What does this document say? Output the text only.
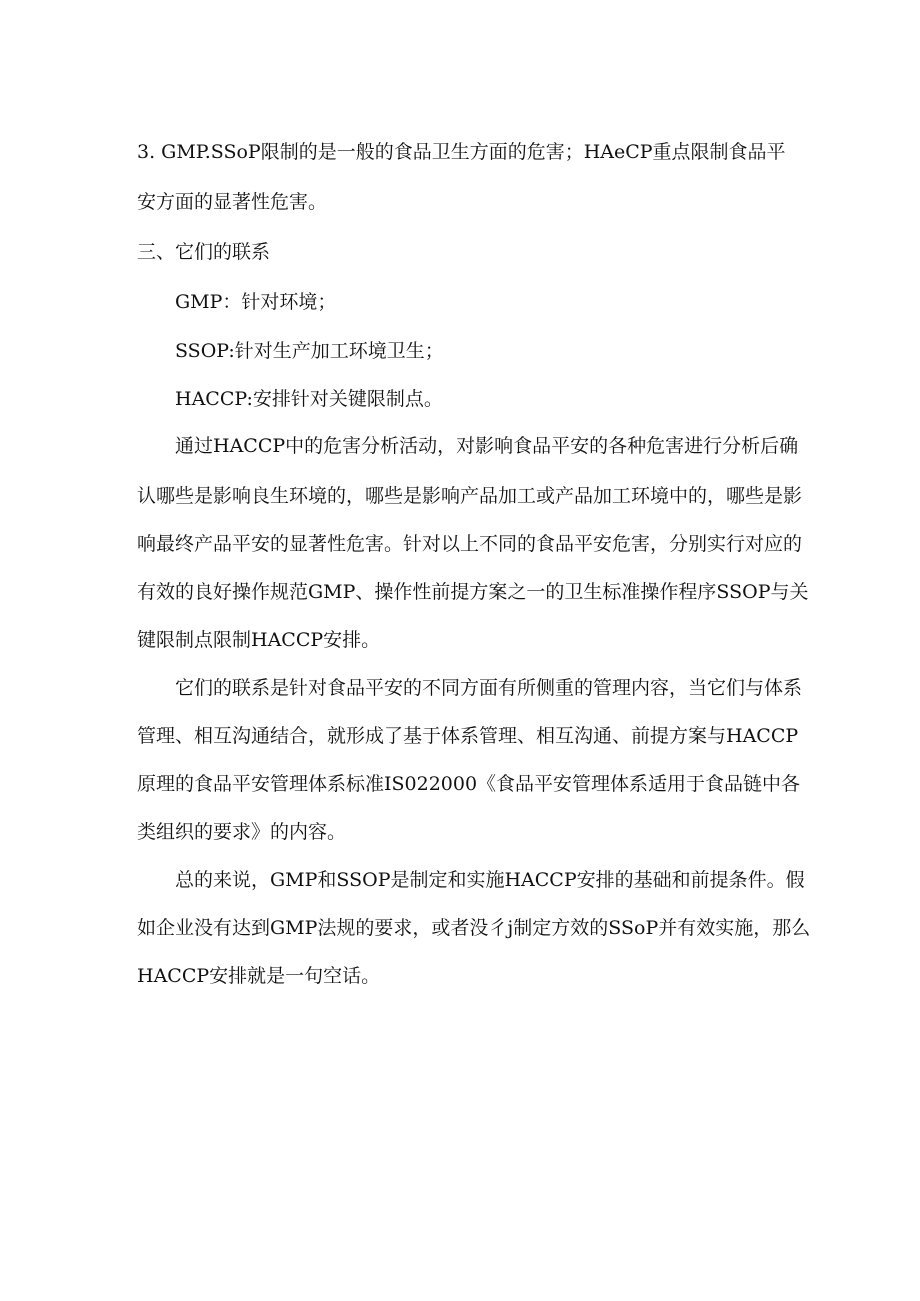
3. GMP.SSoP限制的是一般的食品卫生方面的危害；HAeCP重点限制食品平
安方面的显著性危害。
三、它们的联系
GMP：针对环境；
SSOP:针对生产加工环境卫生；
HACCP:安排针对关键限制点。
通过HACCP中的危害分析活动，对影响食品平安的各种危害进行分析后确
认哪些是影响良生环境的，哪些是影响产品加工或产品加工环境中的，哪些是影
响最终产品平安的显著性危害。针对以上不同的食品平安危害，分别实行对应的
有效的良好操作规范GMP、操作性前提方案之一的卫生标准操作程序SSOP与关
键限制点限制HACCP安排。
它们的联系是针对食品平安的不同方面有所侧重的管理内容，当它们与体系
管理、相互沟通结合，就形成了基于体系管理、相互沟通、前提方案与HACCP
原理的食品平安管理体系标准IS022000《食品平安管理体系适用于食品链中各
类组织的要求》的内容。
总的来说，GMP和SSOP是制定和实施HACCP安排的基础和前提条件。假
如企业没有达到GMP法规的要求，或者没彳j制定方效的SSoP并有效实施，那么
HACCP安排就是一句空话。
